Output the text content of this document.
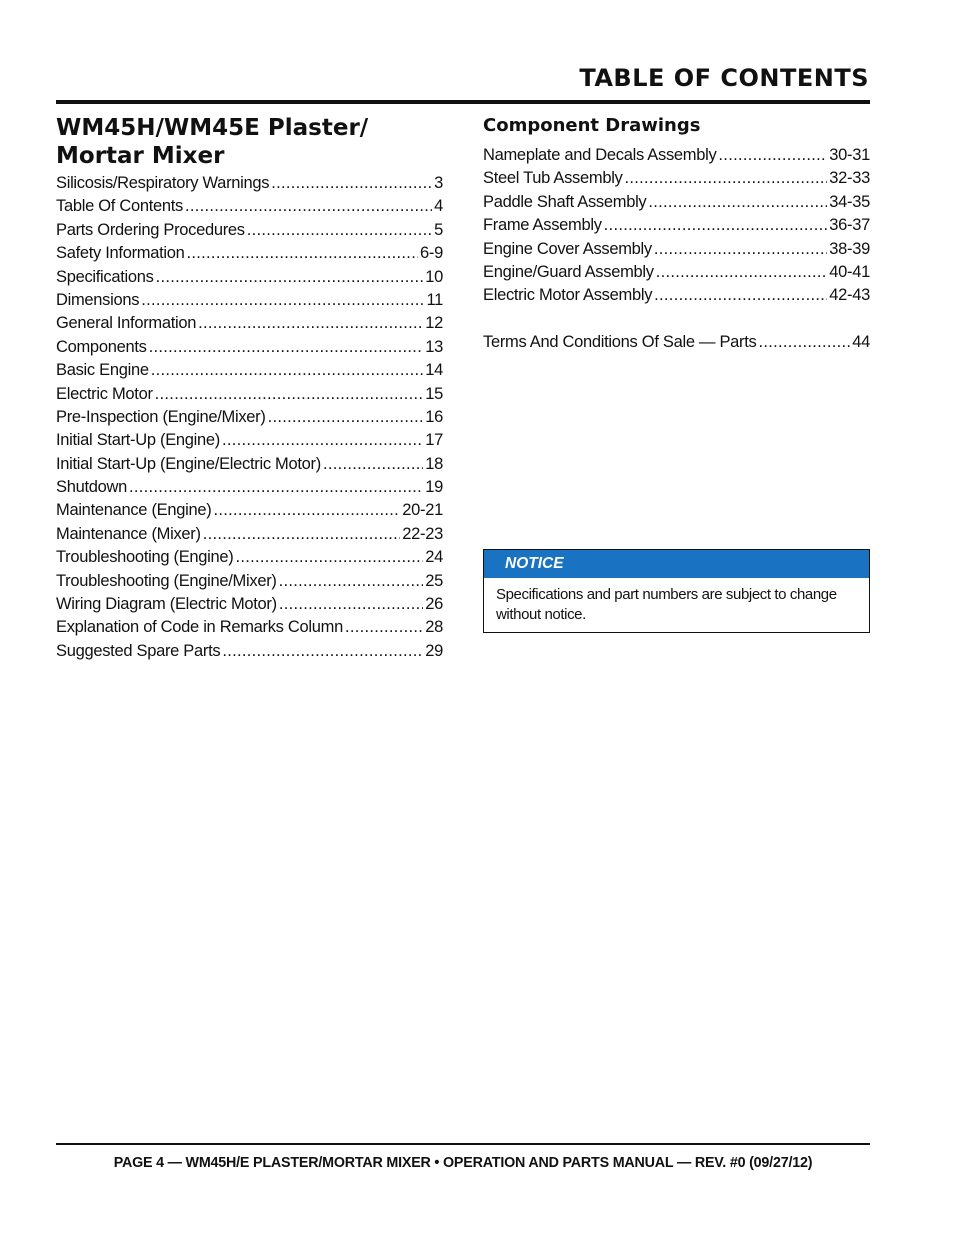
TABLE OF CONTENTS
WM45H/WM45E Plaster/
Mortar Mixer
Silicosis/Respiratory Warnings .....	3
Table Of Contents .....	4
Parts Ordering Procedures .....	5
Safety Information .....	6-9
Specifications .....	10
Dimensions .....	11
General Information .....	12
Components .....	13
Basic Engine .....	14
Electric Motor .....	15
Pre-Inspection (Engine/Mixer) .....	16
Initial Start-Up (Engine) .....	17
Initial Start-Up (Engine/Electric Motor) .....	18
Shutdown .....	19
Maintenance (Engine) .....	20-21
Maintenance (Mixer) .....	22-23
Troubleshooting (Engine) .....	24
Troubleshooting (Engine/Mixer) .....	25
Wiring Diagram (Electric Motor) .....	26
Explanation of Code in Remarks Column .....	28
Suggested Spare Parts .....	29
Component Drawings
Nameplate and Decals Assembly .....	30-31
Steel Tub Assembly .....	32-33
Paddle Shaft Assembly .....	34-35
Frame Assembly .....	36-37
Engine Cover Assembly .....	38-39
Engine/Guard Assembly .....	40-41
Electric Motor Assembly .....	42-43
Terms And Conditions Of Sale — Parts .....	44
NOTICE
Specifications and part numbers are subject to change without notice.
PAGE 4 — WM45H/E PLASTER/MORTAR MIXER • OPERATION AND PARTS MANUAL — REV. #0 (09/27/12)
